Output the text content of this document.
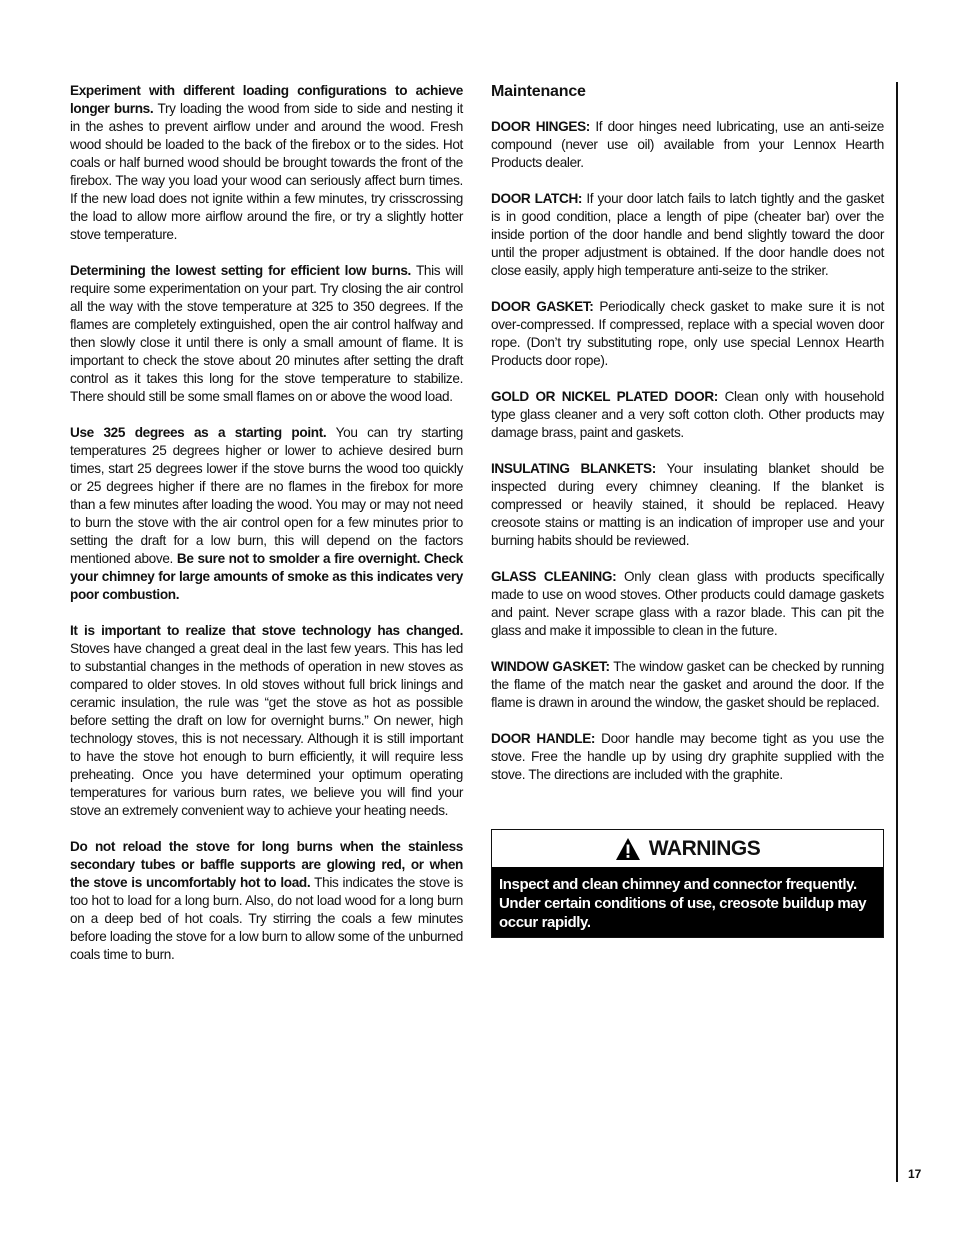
Experiment with different loading configurations to achieve longer burns. Try loading the wood from side to side and nesting it in the ashes to prevent airflow under and around the wood. Fresh wood should be loaded to the back of the firebox or to the sides. Hot coals or half burned wood should be brought towards the front of the firebox. The way you load your wood can seriously affect burn times. If the new load does not ignite within a few minutes, try crisscrossing the load to allow more airflow around the fire, or try a slightly hotter stove temperature.

Determining the lowest setting for efficient low burns. This will require some experimentation on your part. Try closing the air control all the way with the stove temperature at 325 to 350 degrees. If the flames are completely extinguished, open the air control halfway and then slowly close it until there is only a small amount of flame. It is important to check the stove about 20 minutes after setting the draft control as it takes this long for the stove temperature to stabilize. There should still be some small flames on or above the wood load.

Use 325 degrees as a starting point. You can try starting temperatures 25 degrees higher or lower to achieve desired burn times, start 25 degrees lower if the stove burns the wood too quickly or 25 degrees higher if there are no flames in the firebox for more than a few minutes after loading the wood. You may or may not need to burn the stove with the air control open for a few minutes prior to setting the draft for a low burn, this will depend on the factors mentioned above. Be sure not to smolder a fire overnight. Check your chimney for large amounts of smoke as this indicates very poor combustion.

It is important to realize that stove technology has changed. Stoves have changed a great deal in the last few years. This has led to substantial changes in the methods of operation in new stoves as compared to older stoves. In old stoves without full brick linings and ceramic insulation, the rule was “get the stove as hot as possible before setting the draft on low for overnight burns.” On newer, high technology stoves, this is not necessary. Although it is still important to have the stove hot enough to burn efficiently, it will require less preheating. Once you have determined your optimum operating temperatures for various burn rates, we believe you will find your stove an extremely convenient way to achieve your heating needs.

Do not reload the stove for long burns when the stainless secondary tubes or baffle supports are glowing red, or when the stove is uncomfortably hot to load. This indicates the stove is too hot to load for a long burn. Also, do not load wood for a long burn on a deep bed of hot coals. Try stirring the coals a few minutes before loading the stove for a low burn to allow some of the unburned coals time to burn.

Maintenance

DOOR HINGES: If door hinges need lubricating, use an anti-seize compound (never use oil) available from your Lennox Hearth Products dealer.

DOOR LATCH: If your door latch fails to latch tightly and the gasket is in good condition, place a length of pipe (cheater bar) over the inside portion of the door handle and bend slightly toward the door until the proper adjustment is obtained. If the door handle does not close easily, apply high temperature anti-seize to the striker.

DOOR GASKET: Periodically check gasket to make sure it is not over-compressed. If compressed, replace with a special woven door rope. (Don’t try substituting rope, only use special Lennox Hearth Products door rope).

GOLD OR NICKEL PLATED DOOR: Clean only with household type glass cleaner and a very soft cotton cloth. Other products may damage brass, paint and gaskets.

INSULATING BLANKETS: Your insulating blanket should be inspected during every chimney cleaning. If the blanket is compressed or heavily stained, it should be replaced. Heavy creosote stains or matting is an indication of improper use and your burning habits should be reviewed.

GLASS CLEANING: Only clean glass with products specifically made to use on wood stoves. Other products could damage gaskets and paint. Never scrape glass with a razor blade. This can pit the glass and make it impossible to clean in the future.

WINDOW GASKET: The window gasket can be checked by running the flame of the match near the gasket and around the door. If the flame is drawn in around the window, the gasket should be replaced.

DOOR HANDLE: Door handle may become tight as you use the stove. Free the handle up by using dry graphite supplied with the stove. The directions are included with the graphite.

WARNINGS
Inspect and clean chimney and connector frequently. Under certain conditions of use, creosote buildup may occur rapidly.
17
